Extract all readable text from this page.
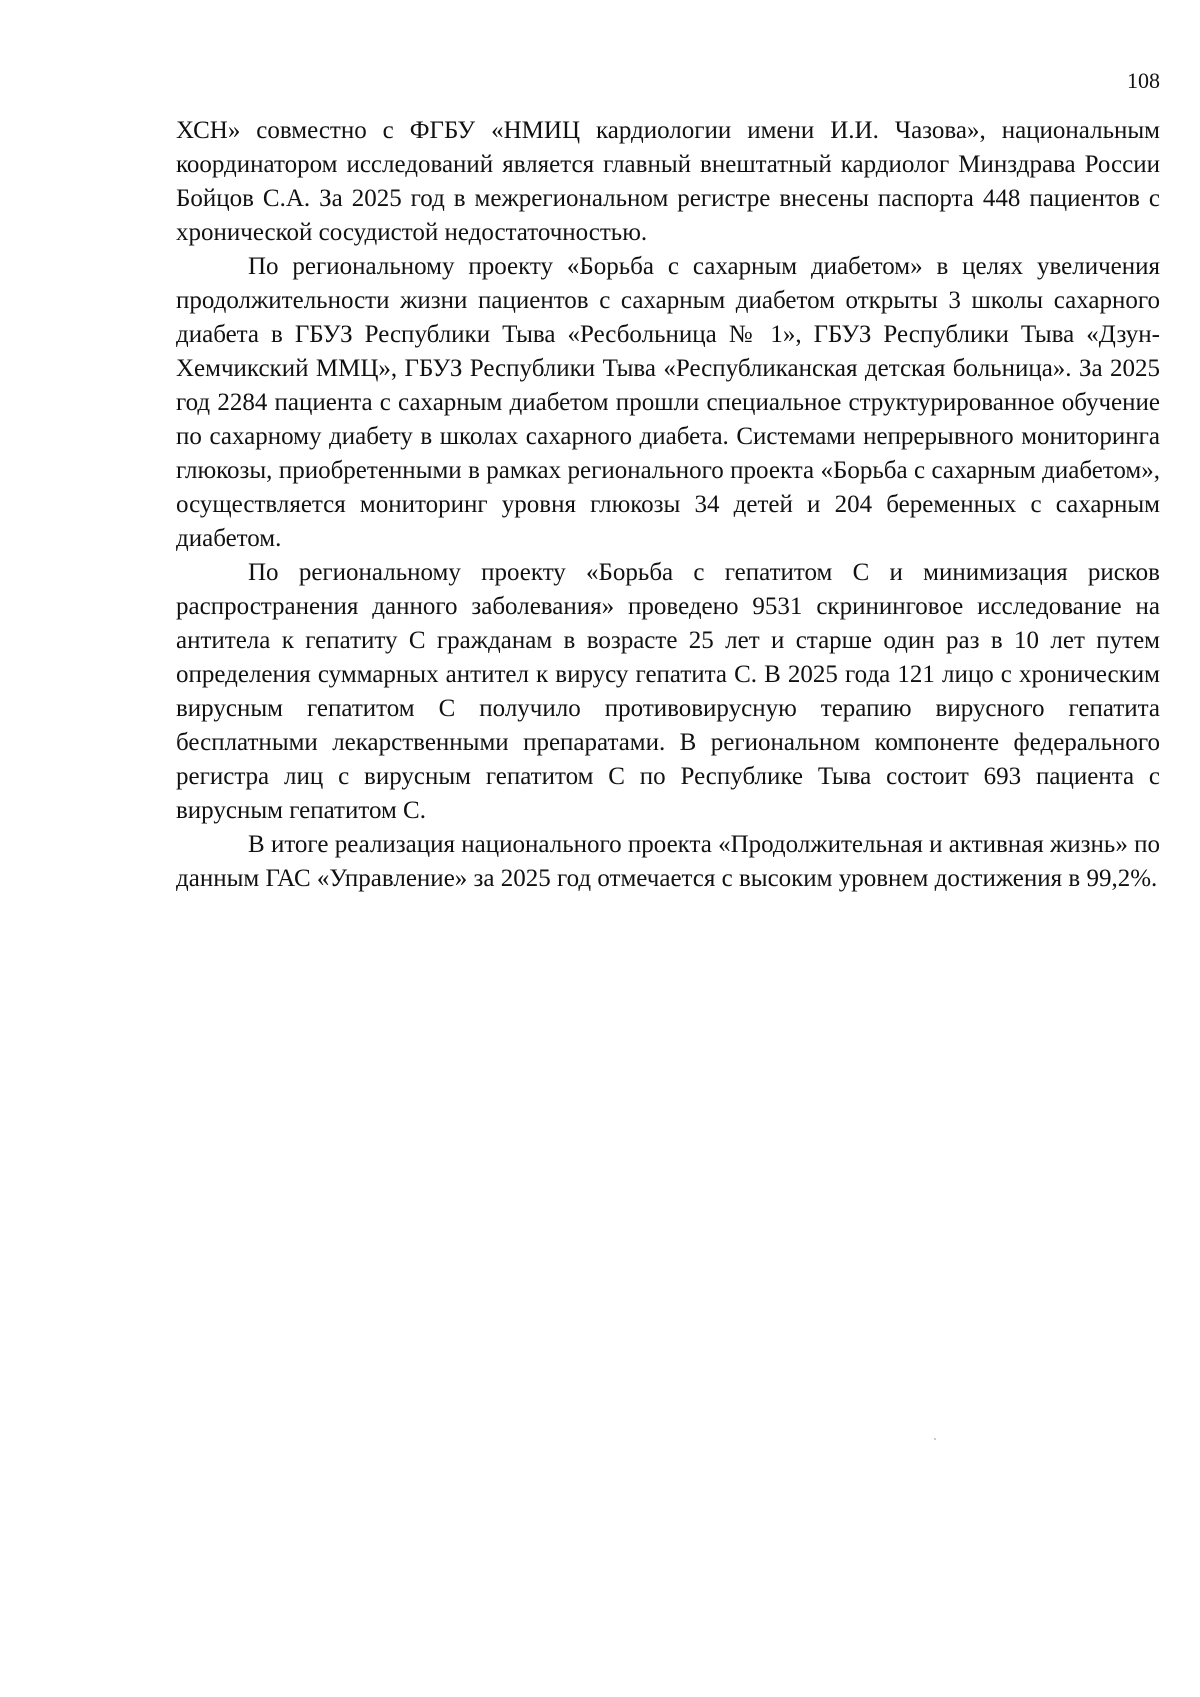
108

ХСН» совместно с ФГБУ «НМИЦ кардиологии имени И.И. Чазова», национальным координатором исследований является главный внештатный кардиолог Минздрава России Бойцов С.А. За 2025 год в межрегиональном регистре внесены паспорта 448 пациентов с хронической сосудистой недостаточностью.

По региональному проекту «Борьба с сахарным диабетом» в целях увеличения продолжительности жизни пациентов с сахарным диабетом открыты 3 школы сахарного диабета в ГБУЗ Республики Тыва «Ресбольница № 1», ГБУЗ Республики Тыва «Дзун-Хемчикский ММЦ», ГБУЗ Республики Тыва «Республиканская детская больница». За 2025 год 2284 пациента с сахарным диабетом прошли специальное структурированное обучение по сахарному диабету в школах сахарного диабета. Системами непрерывного мониторинга глюкозы, приобретенными в рамках регионального проекта «Борьба с сахарным диабетом», осуществляется мониторинг уровня глюкозы 34 детей и 204 беременных с сахарным диабетом.

По региональному проекту «Борьба с гепатитом С и минимизация рисков распространения данного заболевания» проведено 9531 скрининговое исследование на антитела к гепатиту С гражданам в возрасте 25 лет и старше один раз в 10 лет путем определения суммарных антител к вирусу гепатита С. В 2025 года 121 лицо с хроническим вирусным гепатитом С получило противовирусную терапию вирусного гепатита бесплатными лекарственными препаратами. В региональном компоненте федерального регистра лиц с вирусным гепатитом С по Республике Тыва состоит 693 пациента с вирусным гепатитом С.

В итоге реализация национального проекта «Продолжительная и активная жизнь» по данным ГАС «Управление» за 2025 год отмечается с высоким уровнем достижения в 99,2%.
